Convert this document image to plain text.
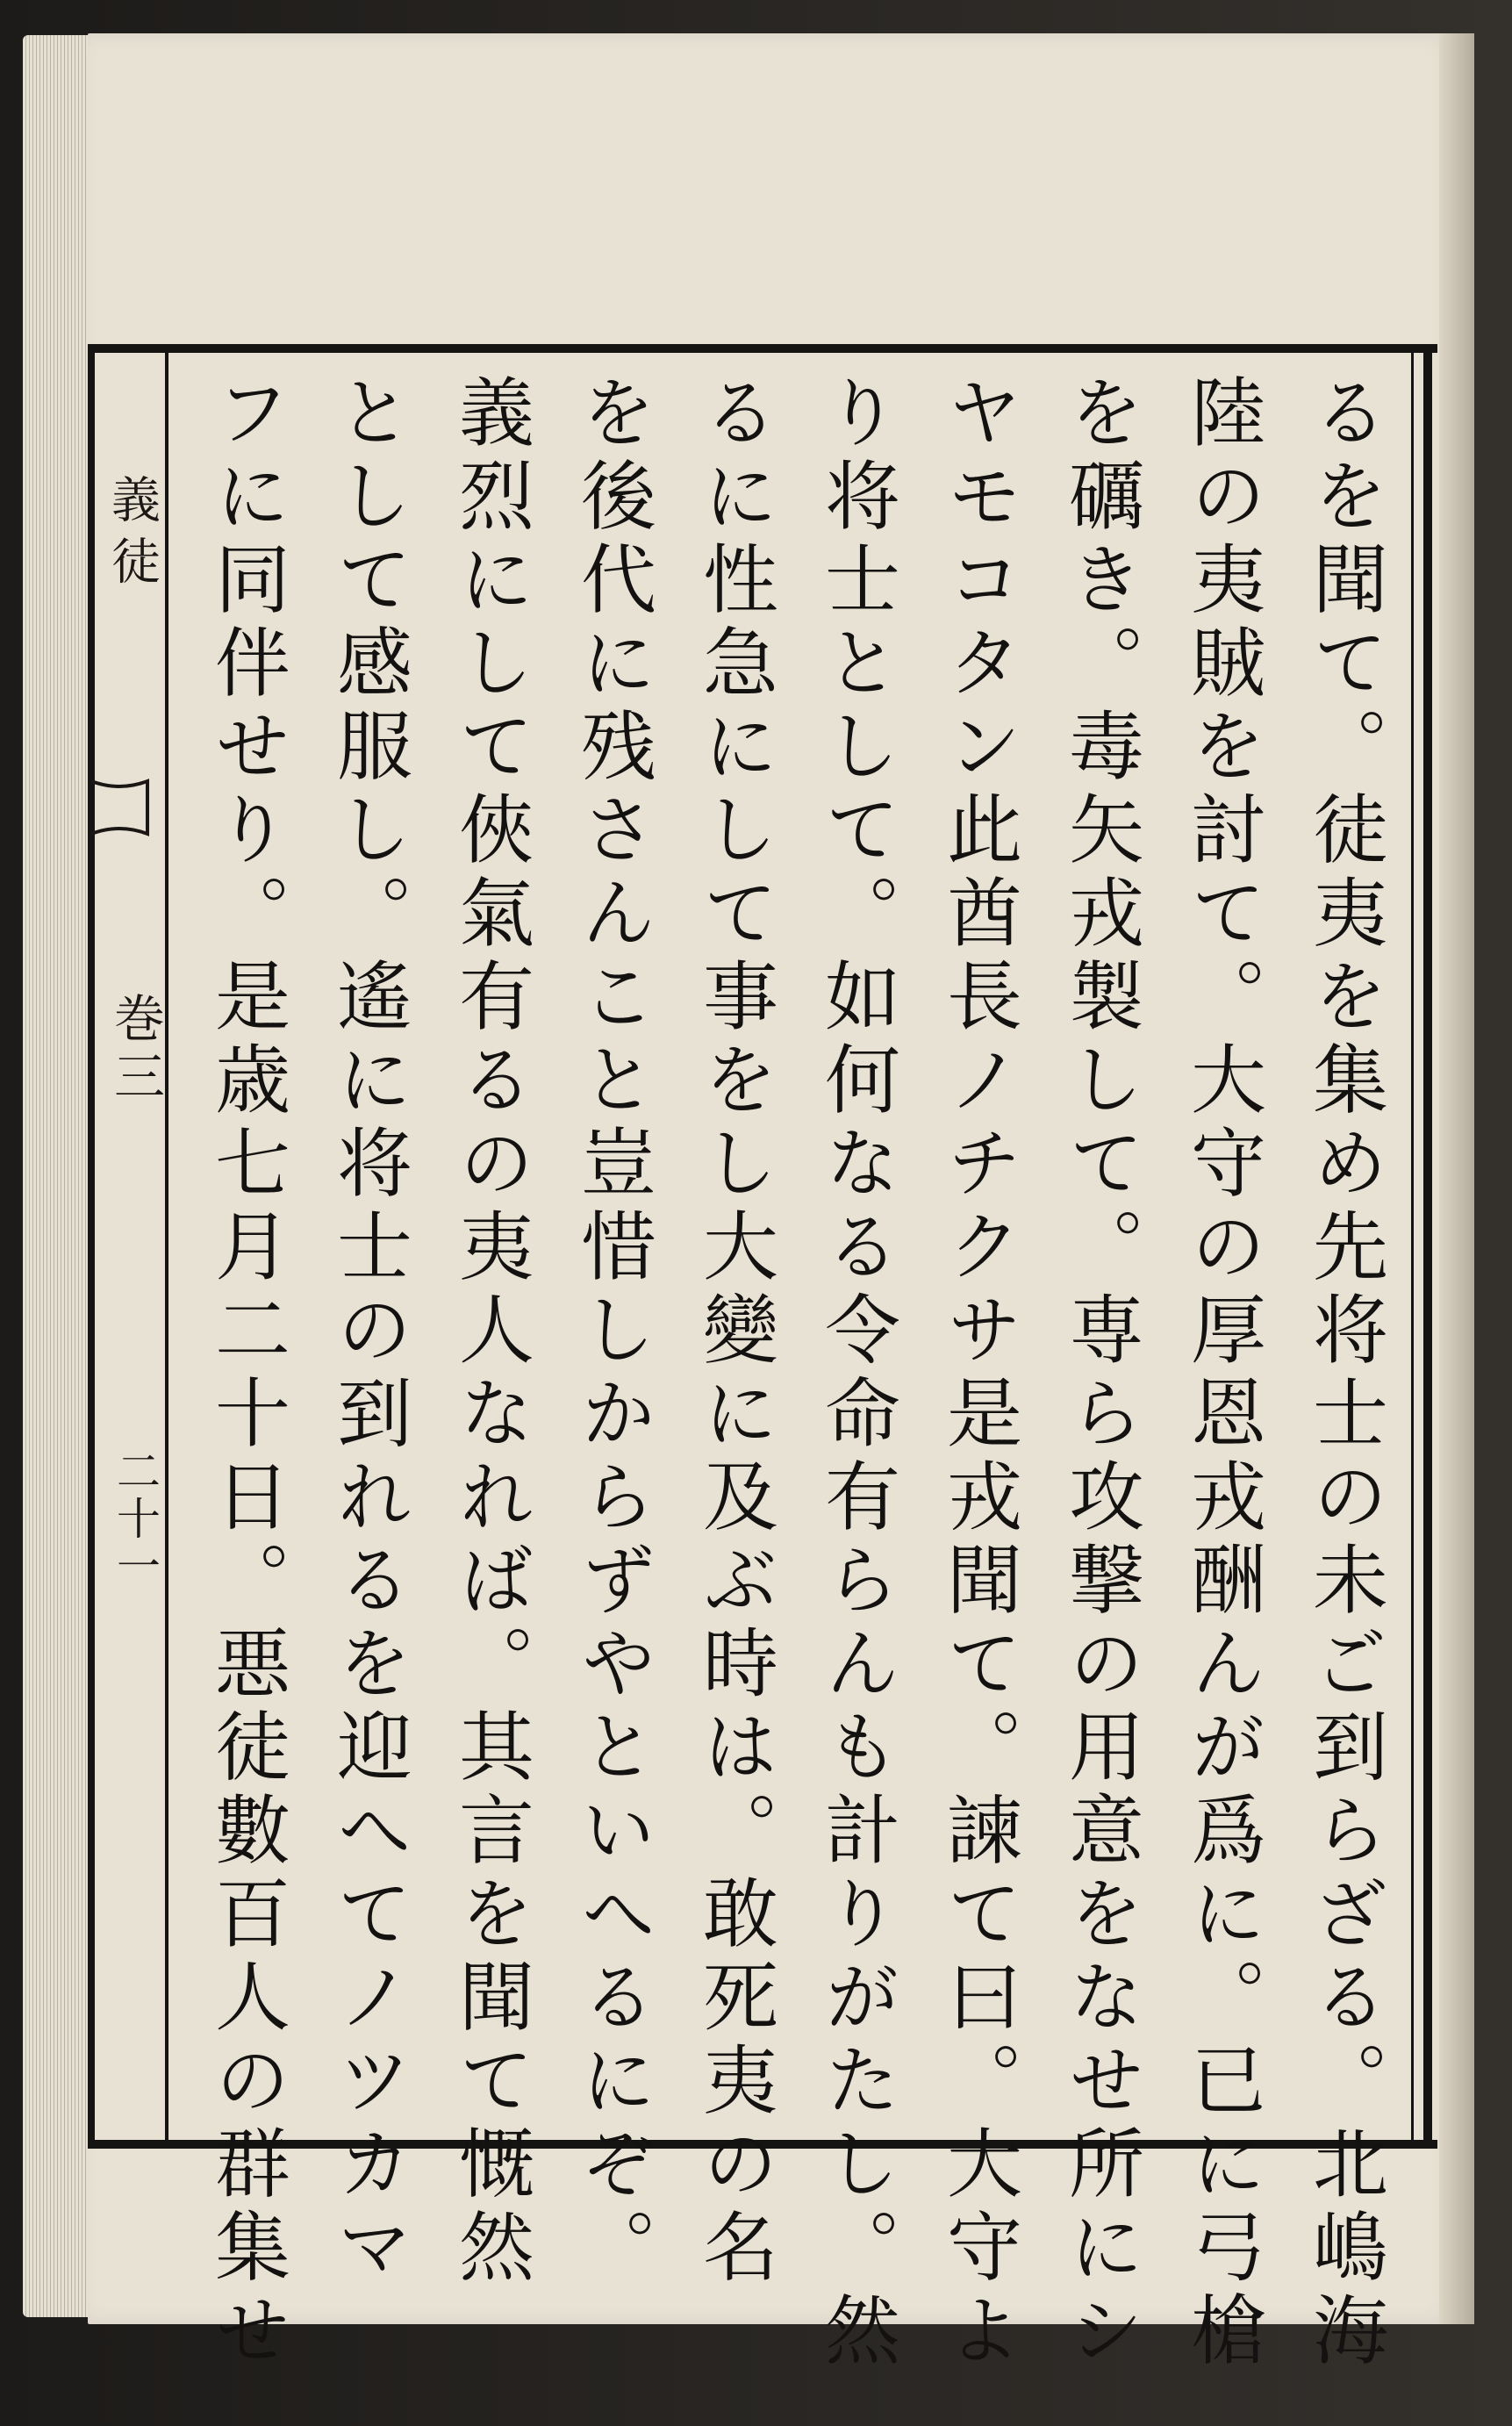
義徒
巻三
二十一	るを聞て。徒夷を集め先将士の未ご到らざる。北嶋海
陸の夷賊を討て。大守の厚恩戎酬んが爲に。已に弓槍
を礪き。毒矢戎製して。専ら攻撃の用意をなせ所にシ
ヤモコタン此酋長ノチクサ是戎聞て。諫て曰。大守よ
り将士として。如何なる令命有らんも計りがたし。然
るに性急にして事をし大變に及ぶ時は。敢死夷の名
を後代に残さんこと豈惜しからずやといへるにぞ。
義烈にして俠氣有るの夷人なれば。其言を聞て慨然
として感服し。遙に将士の到れるを迎へてノツカマ
フに同伴せり。是歳七月二十日。悪徒數百人の群集せ
